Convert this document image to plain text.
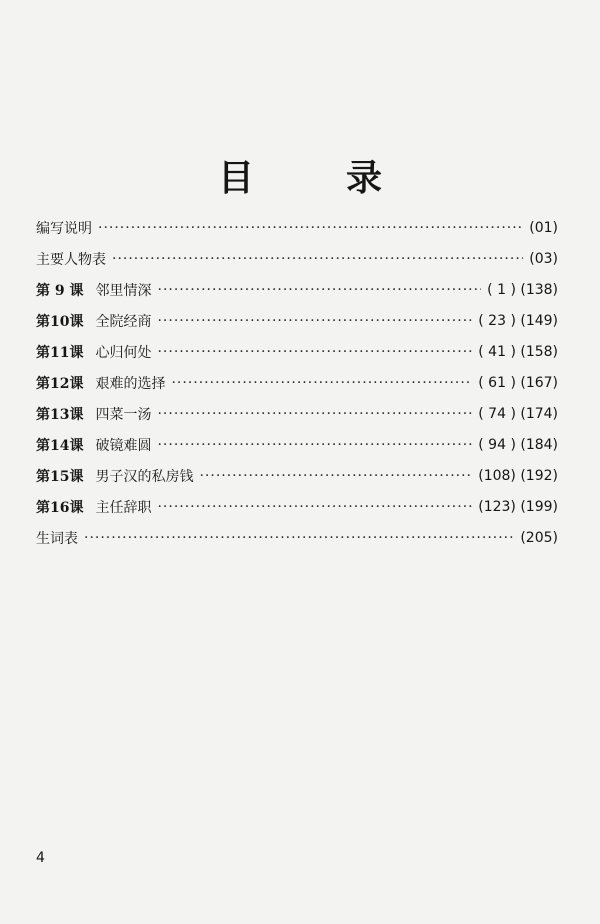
目　录
编写说明 ·····	(01)
主要人物表 ·····	(03)
第 9 课 邻里情深 ·····	( 1 ) (138)
第10课 全院经商 ·····	( 23 ) (149)
第11课 心归何处 ·····	( 41 ) (158)
第12课 艰难的选择 ·····	( 61 ) (167)
第13课 四菜一汤 ·····	( 74 ) (174)
第14课 破镜难圆 ·····	( 94 ) (184)
第15课 男子汉的私房钱 ·····	(108) (192)
第16课 主任辞职 ·····	(123) (199)
生词表 ·····	(205)
4
